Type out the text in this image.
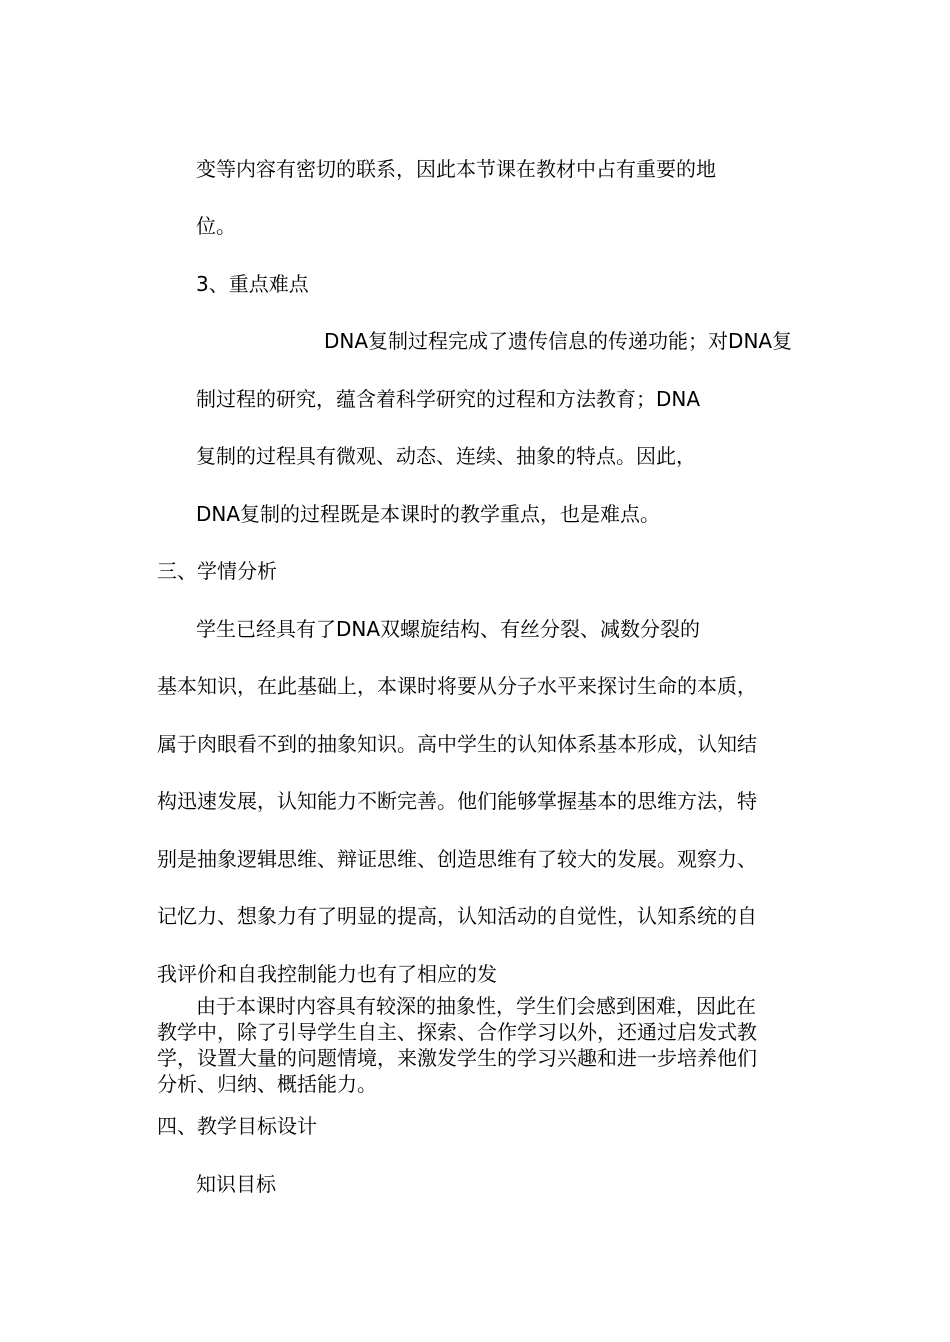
变等内容有密切的联系，因此本节课在教材中占有重要的地

位。

3、重点难点

DNA复制过程完成了遗传信息的传递功能；对DNA复

制过程的研究，蕴含着科学研究的过程和方法教育；DNA

复制的过程具有微观、动态、连续、抽象的特点。因此，

DNA复制的过程既是本课时的教学重点，也是难点。

三、学情分析

学生已经具有了DNA双螺旋结构、有丝分裂、减数分裂的

基本知识，在此基础上，本课时将要从分子水平来探讨生命的本质，

属于肉眼看不到的抽象知识。高中学生的认知体系基本形成，认知结

构迅速发展，认知能力不断完善。他们能够掌握基本的思维方法，特

别是抽象逻辑思维、辩证思维、创造思维有了较大的发展。观察力、

记忆力、想象力有了明显的提高，认知活动的自觉性，认知系统的自

我评价和自我控制能力也有了相应的发

由于本课时内容具有较深的抽象性，学生们会感到困难，因此在
教学中，除了引导学生自主、探索、合作学习以外，还通过启发式教
学，设置大量的问题情境，来激发学生的学习兴趣和进一步培养他们
分析、归纳、概括能力。

四、教学目标设计

知识目标
